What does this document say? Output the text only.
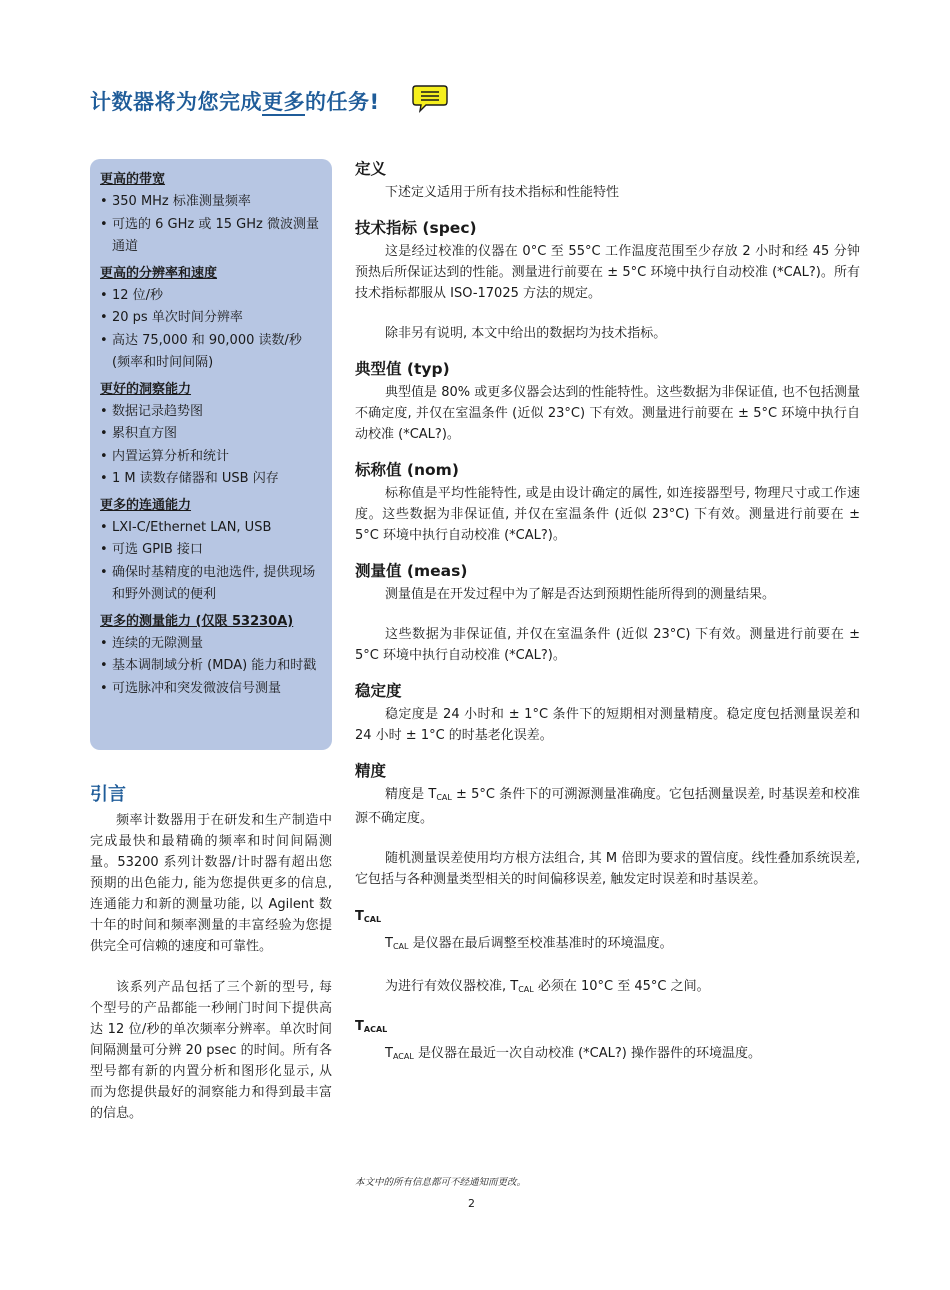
计数器将为您完成更多的任务!
更高的带宽
• 350 MHz 标准测量频率
• 可选的 6 GHz 或 15 GHz 微波测量通道
更高的分辨率和速度
• 12 位/秒
• 20 ps 单次时间分辨率
• 高达 75,000 和 90,000 读数/秒 (频率和时间间隔)
更好的洞察能力
• 数据记录趋势图
• 累积直方图
• 内置运算分析和统计
• 1 M 读数存储器和 USB 闪存
更多的连通能力
• LXI-C/Ethernet LAN, USB
• 可选 GPIB 接口
• 确保时基精度的电池选件, 提供现场和野外测试的便利
更多的测量能力 (仅限 53230A)
• 连续的无隙测量
• 基本调制域分析 (MDA) 能力和时戳
• 可选脉冲和突发微波信号测量
引言

频率计数器用于在研发和生产制造中完成最快和最精确的频率和时间间隔测量。53200 系列计数器/计时器有超出您预期的出色能力, 能为您提供更多的信息, 连通能力和新的测量功能, 以 Agilent 数十年的时间和频率测量的丰富经验为您提供完全可信赖的速度和可靠性。

该系列产品包括了三个新的型号, 每个型号的产品都能一秒闸门时间下提供高达 12 位/秒的单次频率分辨率。单次时间间隔测量可分辨 20 psec 的时间。所有各型号都有新的内置分析和图形化显示, 从而为您提供最好的洞察能力和得到最丰富的信息。

定义

下述定义适用于所有技术指标和性能特性

技术指标 (spec)

这是经过校准的仪器在 0°C 至 55°C 工作温度范围至少存放 2 小时和经 45 分钟预热后所保证达到的性能。测量进行前要在 ± 5°C 环境中执行自动校准 (*CAL?)。所有技术指标都服从 ISO-17025 方法的规定。

除非另有说明, 本文中给出的数据均为技术指标。

典型值 (typ)

典型值是 80% 或更多仪器会达到的性能特性。这些数据为非保证值, 也不包括测量不确定度, 并仅在室温条件 (近似 23°C) 下有效。测量进行前要在 ± 5°C 环境中执行自动校准 (*CAL?)。

标称值 (nom)

标称值是平均性能特性, 或是由设计确定的属性, 如连接器型号, 物理尺寸或工作速度。这些数据为非保证值, 并仅在室温条件 (近似 23°C) 下有效。测量进行前要在 ± 5°C 环境中执行自动校准 (*CAL?)。

测量值 (meas)

测量值是在开发过程中为了解是否达到预期性能所得到的测量结果。

这些数据为非保证值, 并仅在室温条件 (近似 23°C) 下有效。测量进行前要在 ± 5°C 环境中执行自动校准 (*CAL?)。

稳定度

稳定度是 24 小时和 ± 1°C 条件下的短期相对测量精度。稳定度包括测量误差和 24 小时 ± 1°C 的时基老化误差。

精度

精度是 $T_{CAL} \pm 5^\circ C$ 条件下的可溯源测量准确度。它包括测量误差, 时基误差和校准源不确定度。

随机测量误差使用均方根方法组合, 其 M 倍即为要求的置信度。线性叠加系统误差, 它包括与各种测量类型相关的时间偏移误差, 触发定时误差和时基误差。

$T_{CAL}$

$T_{CAL}$ 是仪器在最后调整至校准基准时的环境温度。

为进行有效仪器校准, $T_{CAL}$ 必须在 10°C 至 45°C 之间。

$T_{ACAL}$

$T_{ACAL}$ 是仪器在最近一次自动校准 (*CAL?) 操作器件的环境温度。

本文中的所有信息都可不经通知而更改。
2
